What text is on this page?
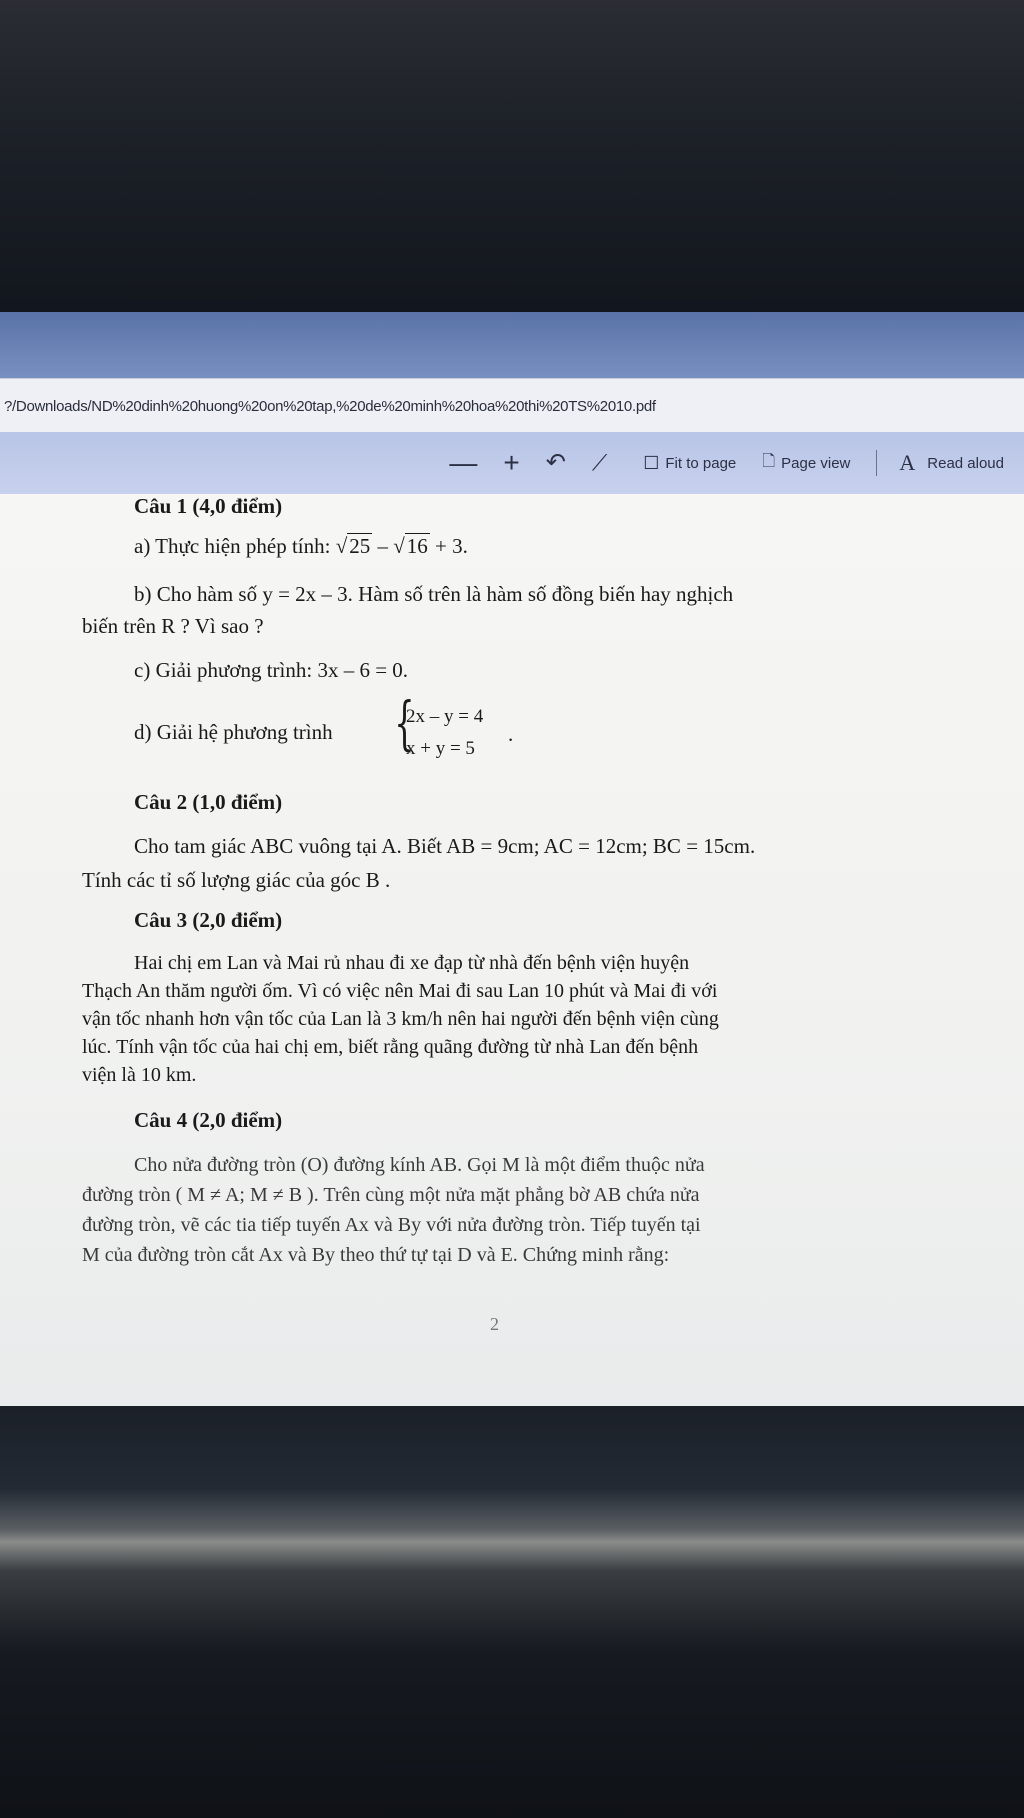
?/Downloads/ND%20dinh%20huong%20on%20tap,%20de%20minh%20hoa%20thi%20TS%2010.pdf
— + ↶ ⟋ ☐ Fit to page 🗋 Page view A Read aloud
Câu 1 (4,0 điểm)
a) Thực hiện phép tính: √25 – √16 + 3.
b) Cho hàm số y = 2x – 3. Hàm số trên là hàm số đồng biến hay nghịch
biến trên R ? Vì sao ?
c) Giải phương trình: 3x – 6 = 0.
d) Giải hệ phương trình {
2x – y = 4
x + y = 5
.
Câu 2 (1,0 điểm)
Cho tam giác ABC vuông tại A. Biết AB = 9cm; AC = 12cm; BC = 15cm.
Tính các tỉ số lượng giác của góc B .
Câu 3 (2,0 điểm)
Hai chị em Lan và Mai rủ nhau đi xe đạp từ nhà đến bệnh viện huyện
Thạch An thăm người ốm. Vì có việc nên Mai đi sau Lan 10 phút và Mai đi với
vận tốc nhanh hơn vận tốc của Lan là 3 km/h nên hai người đến bệnh viện cùng
lúc. Tính vận tốc của hai chị em, biết rằng quãng đường từ nhà Lan đến bệnh
viện là 10 km.
Câu 4 (2,0 điểm)
Cho nửa đường tròn (O) đường kính AB. Gọi M là một điểm thuộc nửa
đường tròn ( M ≠ A; M ≠ B ). Trên cùng một nửa mặt phẳng bờ AB chứa nửa
đường tròn, vẽ các tia tiếp tuyến Ax và By với nửa đường tròn. Tiếp tuyến tại
M của đường tròn cắt Ax và By theo thứ tự tại D và E. Chứng minh rằng:
2
